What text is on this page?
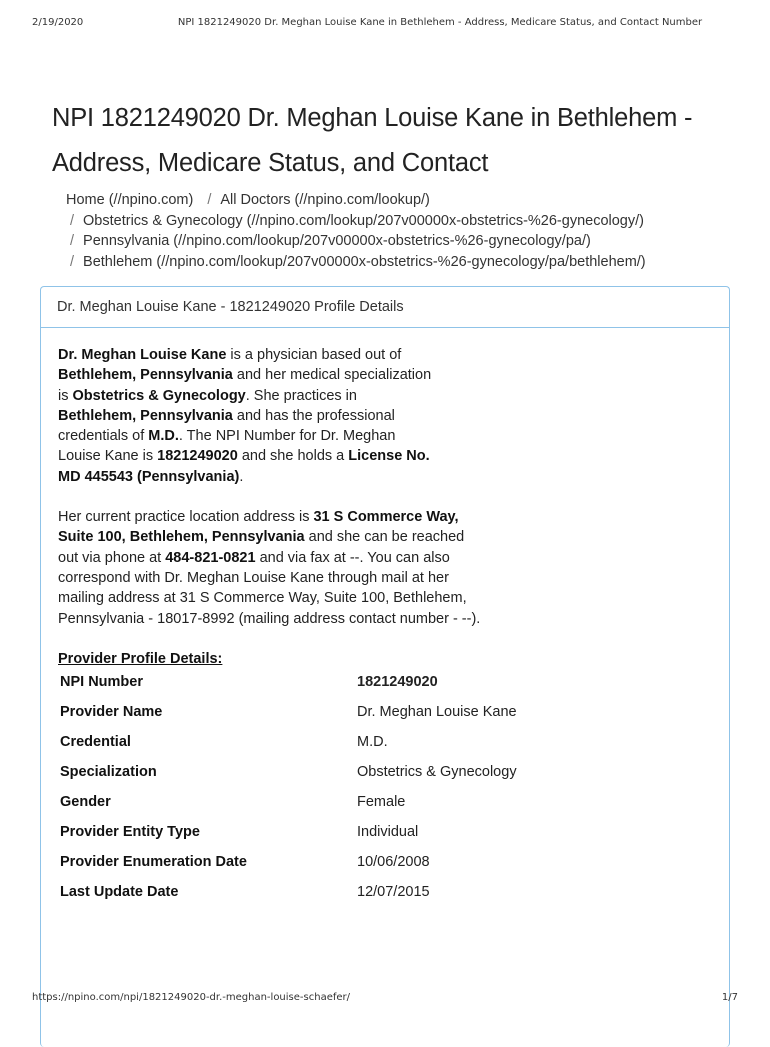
2/19/2020	NPI 1821249020 Dr. Meghan Louise Kane in Bethlehem - Address, Medicare Status, and Contact Number
NPI 1821249020 Dr. Meghan Louise Kane in Bethlehem - Address, Medicare Status, and Contact
Home (//npino.com) / All Doctors (//npino.com/lookup/)
/ Obstetrics & Gynecology (//npino.com/lookup/207v00000x-obstetrics-%26-gynecology/)
/ Pennsylvania (//npino.com/lookup/207v00000x-obstetrics-%26-gynecology/pa/)
/ Bethlehem (//npino.com/lookup/207v00000x-obstetrics-%26-gynecology/pa/bethlehem/)
Dr. Meghan Louise Kane - 1821249020 Profile Details

Dr. Meghan Louise Kane is a physician based out of Bethlehem, Pennsylvania and her medical specialization is Obstetrics & Gynecology. She practices in Bethlehem, Pennsylvania and has the professional credentials of M.D.. The NPI Number for Dr. Meghan Louise Kane is 1821249020 and she holds a License No. MD 445543 (Pennsylvania).

Her current practice location address is 31 S Commerce Way, Suite 100, Bethlehem, Pennsylvania and she can be reached out via phone at 484-821-0821 and via fax at --. You can also correspond with Dr. Meghan Louise Kane through mail at her mailing address at 31 S Commerce Way, Suite 100, Bethlehem, Pennsylvania - 18017-8992 (mailing address contact number - --).

Provider Profile Details:
NPI Number	1821249020
Provider Name	Dr. Meghan Louise Kane
Credential	M.D.
Specialization	Obstetrics & Gynecology
Gender	Female
Provider Entity Type	Individual
Provider Enumeration Date	10/06/2008
Last Update Date	12/07/2015
https://npino.com/npi/1821249020-dr.-meghan-louise-schaefer/	1/7
